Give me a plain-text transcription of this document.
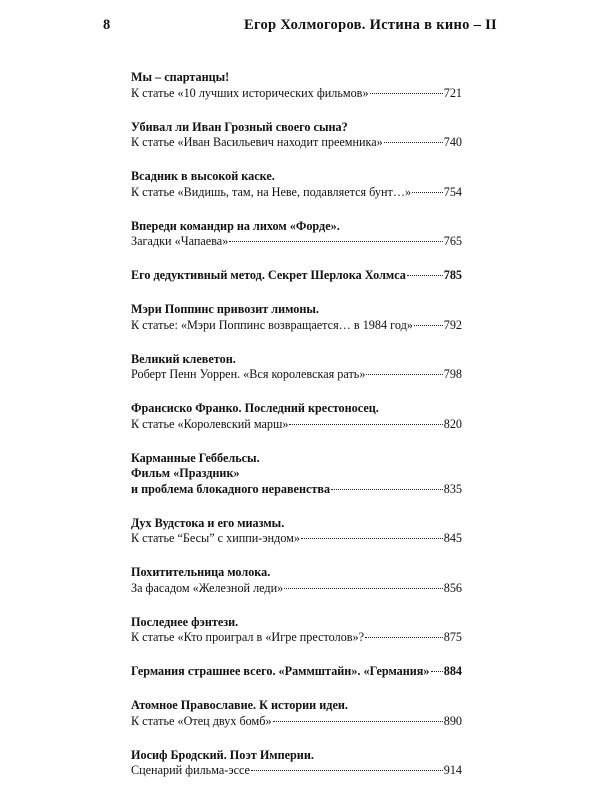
8	Егор Холмогоров. Истина в кино – II
Мы – спартанцы!
К статье «10 лучших исторических фильмов»	721
Убивал ли Иван Грозный своего сына?
К статье «Иван Васильевич находит преемника»	740
Всадник в высокой каске.
К статье «Видишь, там, на Неве, подавляется бунт…»	754
Впереди командир на лихом «Форде».
Загадки «Чапаева»	765
Его дедуктивный метод. Секрет Шерлока Холмса	785
Мэри Поппинс привозит лимоны.
К статье: «Мэри Поппинс возвращается… в 1984 год»	792
Великий клеветон.
Роберт Пенн Уоррен. «Вся королевская рать»	798
Франсиско Франко. Последний крестоносец.
К статье «Королевский марш»	820
Карманные Геббельсы.
Фильм «Праздник»
и проблема блокадного неравенства	835
Дух Вудстока и его миазмы.
К статье “Бесы” с хиппи-эндом»	845
Похитительница молока.
За фасадом «Железной леди»	856
Последнее фэнтези.
К статье «Кто проиграл в «Игре престолов»?	875
Германия страшнее всего. «Раммштайн». «Германия» 884
Атомное Православие. К истории идеи.
К статье «Отец двух бомб»	890
Иосиф Бродский. Поэт Империи.
Сценарий фильма-эссе	914
